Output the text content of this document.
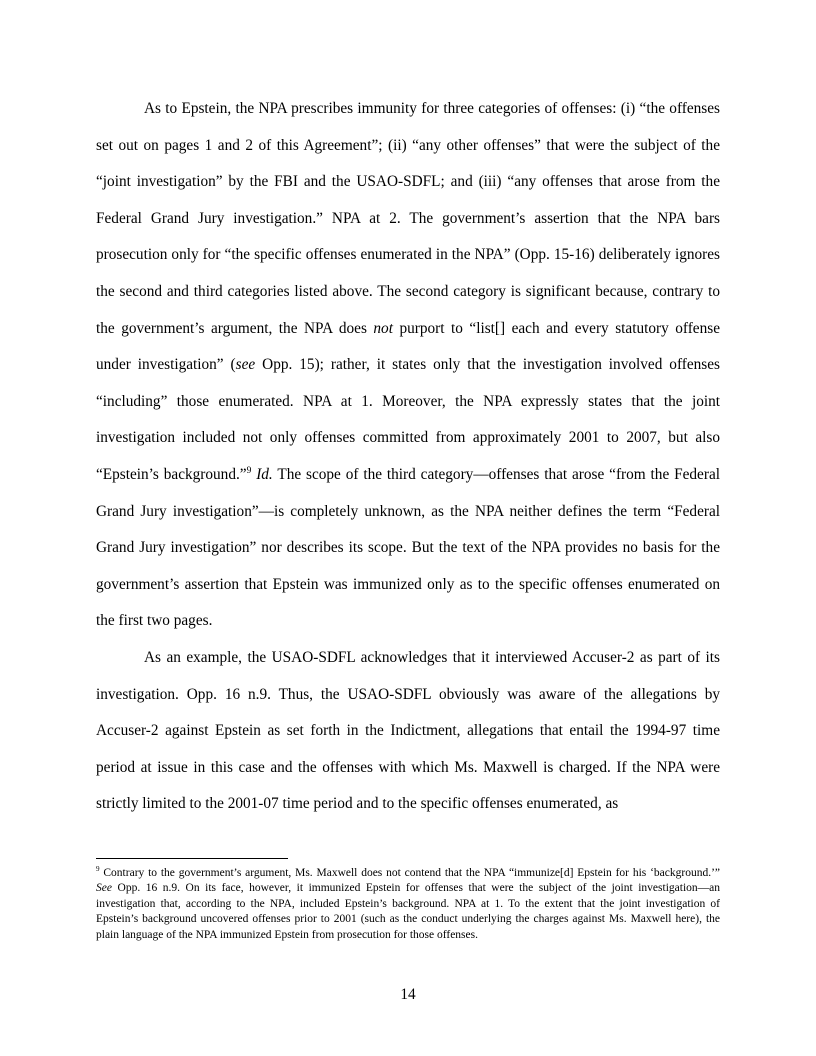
As to Epstein, the NPA prescribes immunity for three categories of offenses: (i) “the offenses set out on pages 1 and 2 of this Agreement”; (ii) “any other offenses” that were the subject of the “joint investigation” by the FBI and the USAO-SDFL; and (iii) “any offenses that arose from the Federal Grand Jury investigation.” NPA at 2. The government’s assertion that the NPA bars prosecution only for “the specific offenses enumerated in the NPA” (Opp. 15-16) deliberately ignores the second and third categories listed above. The second category is significant because, contrary to the government’s argument, the NPA does not purport to “list[] each and every statutory offense under investigation” (see Opp. 15); rather, it states only that the investigation involved offenses “including” those enumerated. NPA at 1. Moreover, the NPA expressly states that the joint investigation included not only offenses committed from approximately 2001 to 2007, but also “Epstein’s background.”$^9$ Id. The scope of the third category—offenses that arose “from the Federal Grand Jury investigation”—is completely unknown, as the NPA neither defines the term “Federal Grand Jury investigation” nor describes its scope. But the text of the NPA provides no basis for the government’s assertion that Epstein was immunized only as to the specific offenses enumerated on the first two pages.

As an example, the USAO-SDFL acknowledges that it interviewed Accuser-2 as part of its investigation. Opp. 16 n.9. Thus, the USAO-SDFL obviously was aware of the allegations by Accuser-2 against Epstein as set forth in the Indictment, allegations that entail the 1994-97 time period at issue in this case and the offenses with which Ms. Maxwell is charged. If the NPA were strictly limited to the 2001-07 time period and to the specific offenses enumerated, as

$^9$ Contrary to the government’s argument, Ms. Maxwell does not contend that the NPA “immunize[d] Epstein for his ‘background.’” See Opp. 16 n.9. On its face, however, it immunized Epstein for offenses that were the subject of the joint investigation—an investigation that, according to the NPA, included Epstein’s background. NPA at 1. To the extent that the joint investigation of Epstein’s background uncovered offenses prior to 2001 (such as the conduct underlying the charges against Ms. Maxwell here), the plain language of the NPA immunized Epstein from prosecution for those offenses.

14
